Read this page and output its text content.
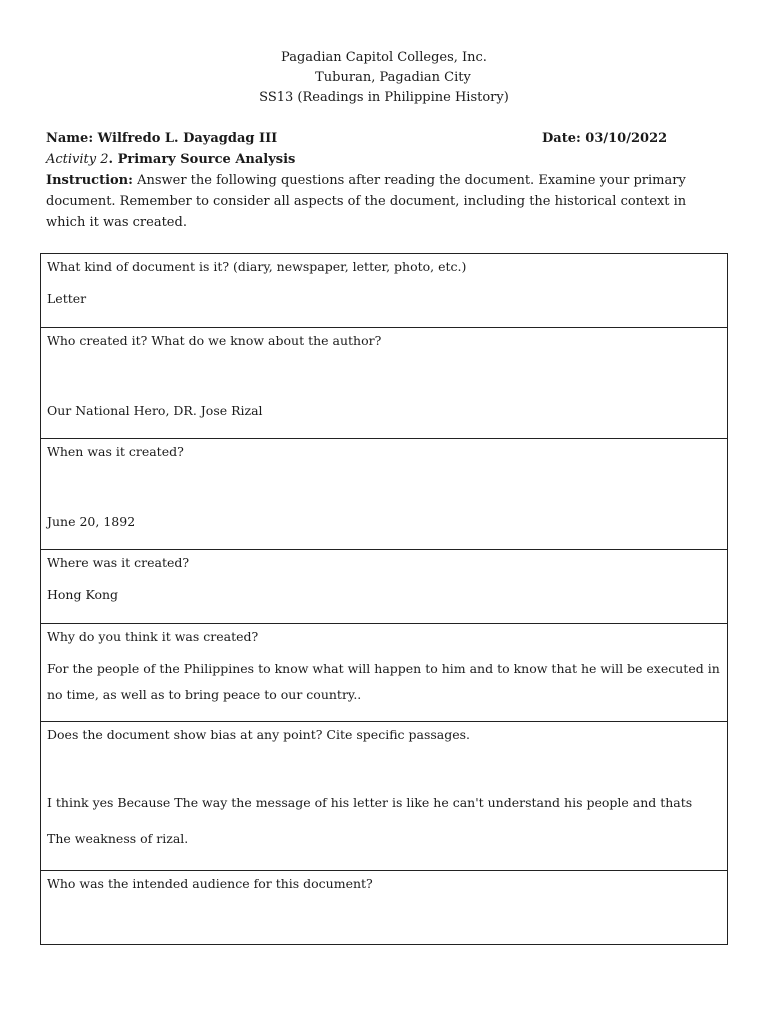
Pagadian Capitol Colleges, Inc.
Tuburan, Pagadian City
SS13 (Readings in Philippine History)
Name: Wilfredo L. Dayagdag III	Date: 03/10/2022
Activity 2. Primary Source Analysis
Instruction: Answer the following questions after reading the document. Examine your primary document. Remember to consider all aspects of the document, including the historical context in which it was created.
What kind of document is it? (diary, newspaper, letter, photo, etc.)
Letter

Who created it? What do we know about the author?
Our National Hero, DR. Jose Rizal

When was it created?
June 20, 1892

Where was it created?
Hong Kong

Why do you think it was created?
For the people of the Philippines to know what will happen to him and to know that he will be executed in no time, as well as to bring peace to our country..

Does the document show bias at any point? Cite specific passages.
I think yes Because The way the message of his letter is like he can't understand his people and thats
The weakness of rizal.

Who was the intended audience for this document?
